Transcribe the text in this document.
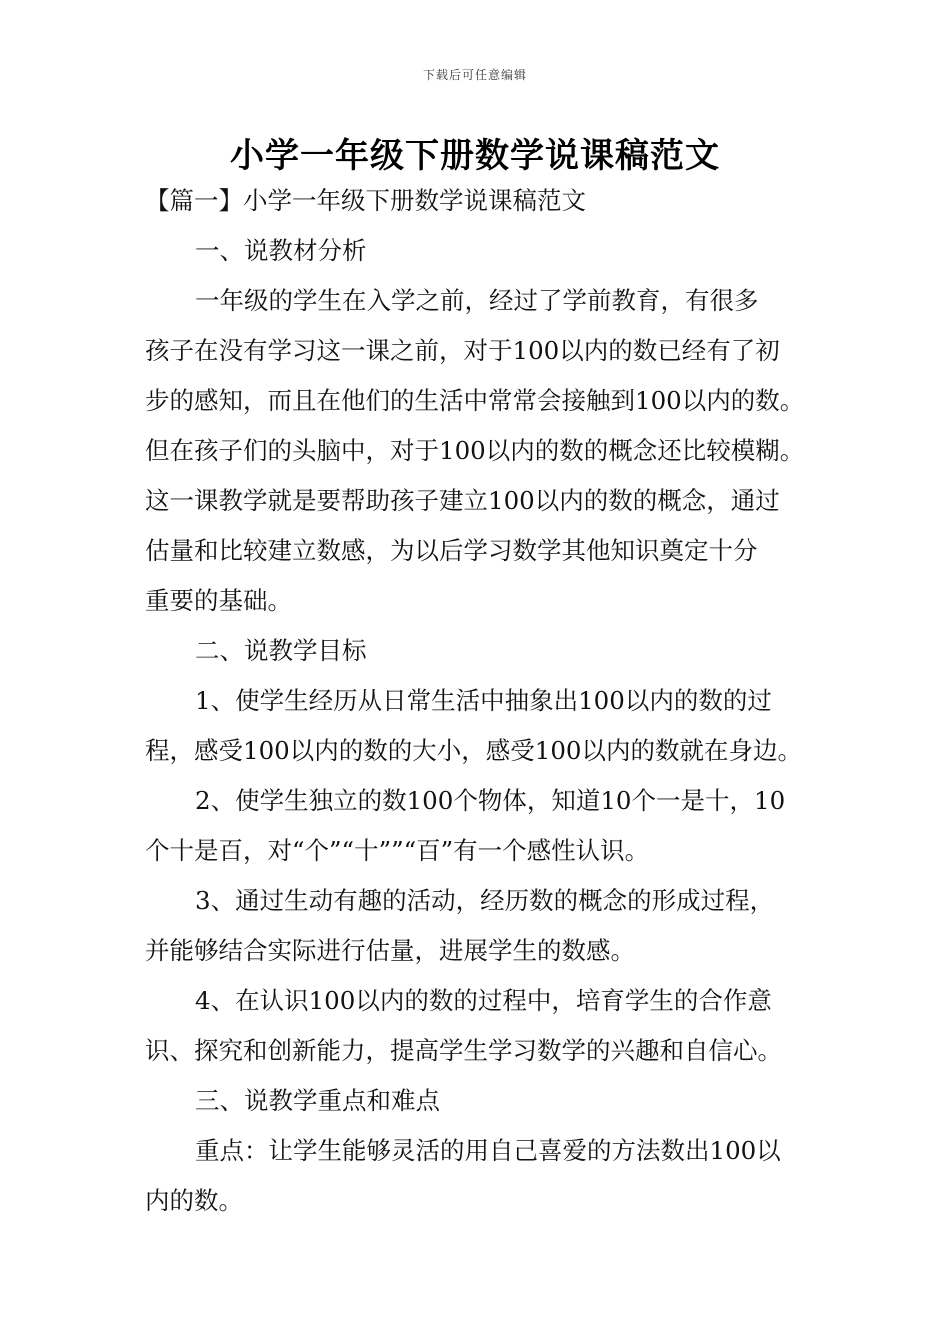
下载后可任意编辑
小学一年级下册数学说课稿范文

【篇一】小学一年级下册数学说课稿范文

一、说教材分析

一年级的学生在入学之前，经过了学前教育，有很多

孩子在没有学习这一课之前，对于100以内的数已经有了初

步的感知，而且在他们的生活中常常会接触到100以内的数。

但在孩子们的头脑中，对于100以内的数的概念还比较模糊。

这一课教学就是要帮助孩子建立100以内的数的概念，通过

估量和比较建立数感，为以后学习数学其他知识奠定十分

重要的基础。

二、说教学目标

1、使学生经历从日常生活中抽象出100以内的数的过

程，感受100以内的数的大小，感受100以内的数就在身边。

2、使学生独立的数100个物体，知道10个一是十，10

个十是百，对“个”“十””“百”有一个感性认识。

3、通过生动有趣的活动，经历数的概念的形成过程，

并能够结合实际进行估量，进展学生的数感。

4、在认识100以内的数的过程中，培育学生的合作意

识、探究和创新能力，提高学生学习数学的兴趣和自信心。

三、说教学重点和难点

重点：让学生能够灵活的用自己喜爱的方法数出100以

内的数。
